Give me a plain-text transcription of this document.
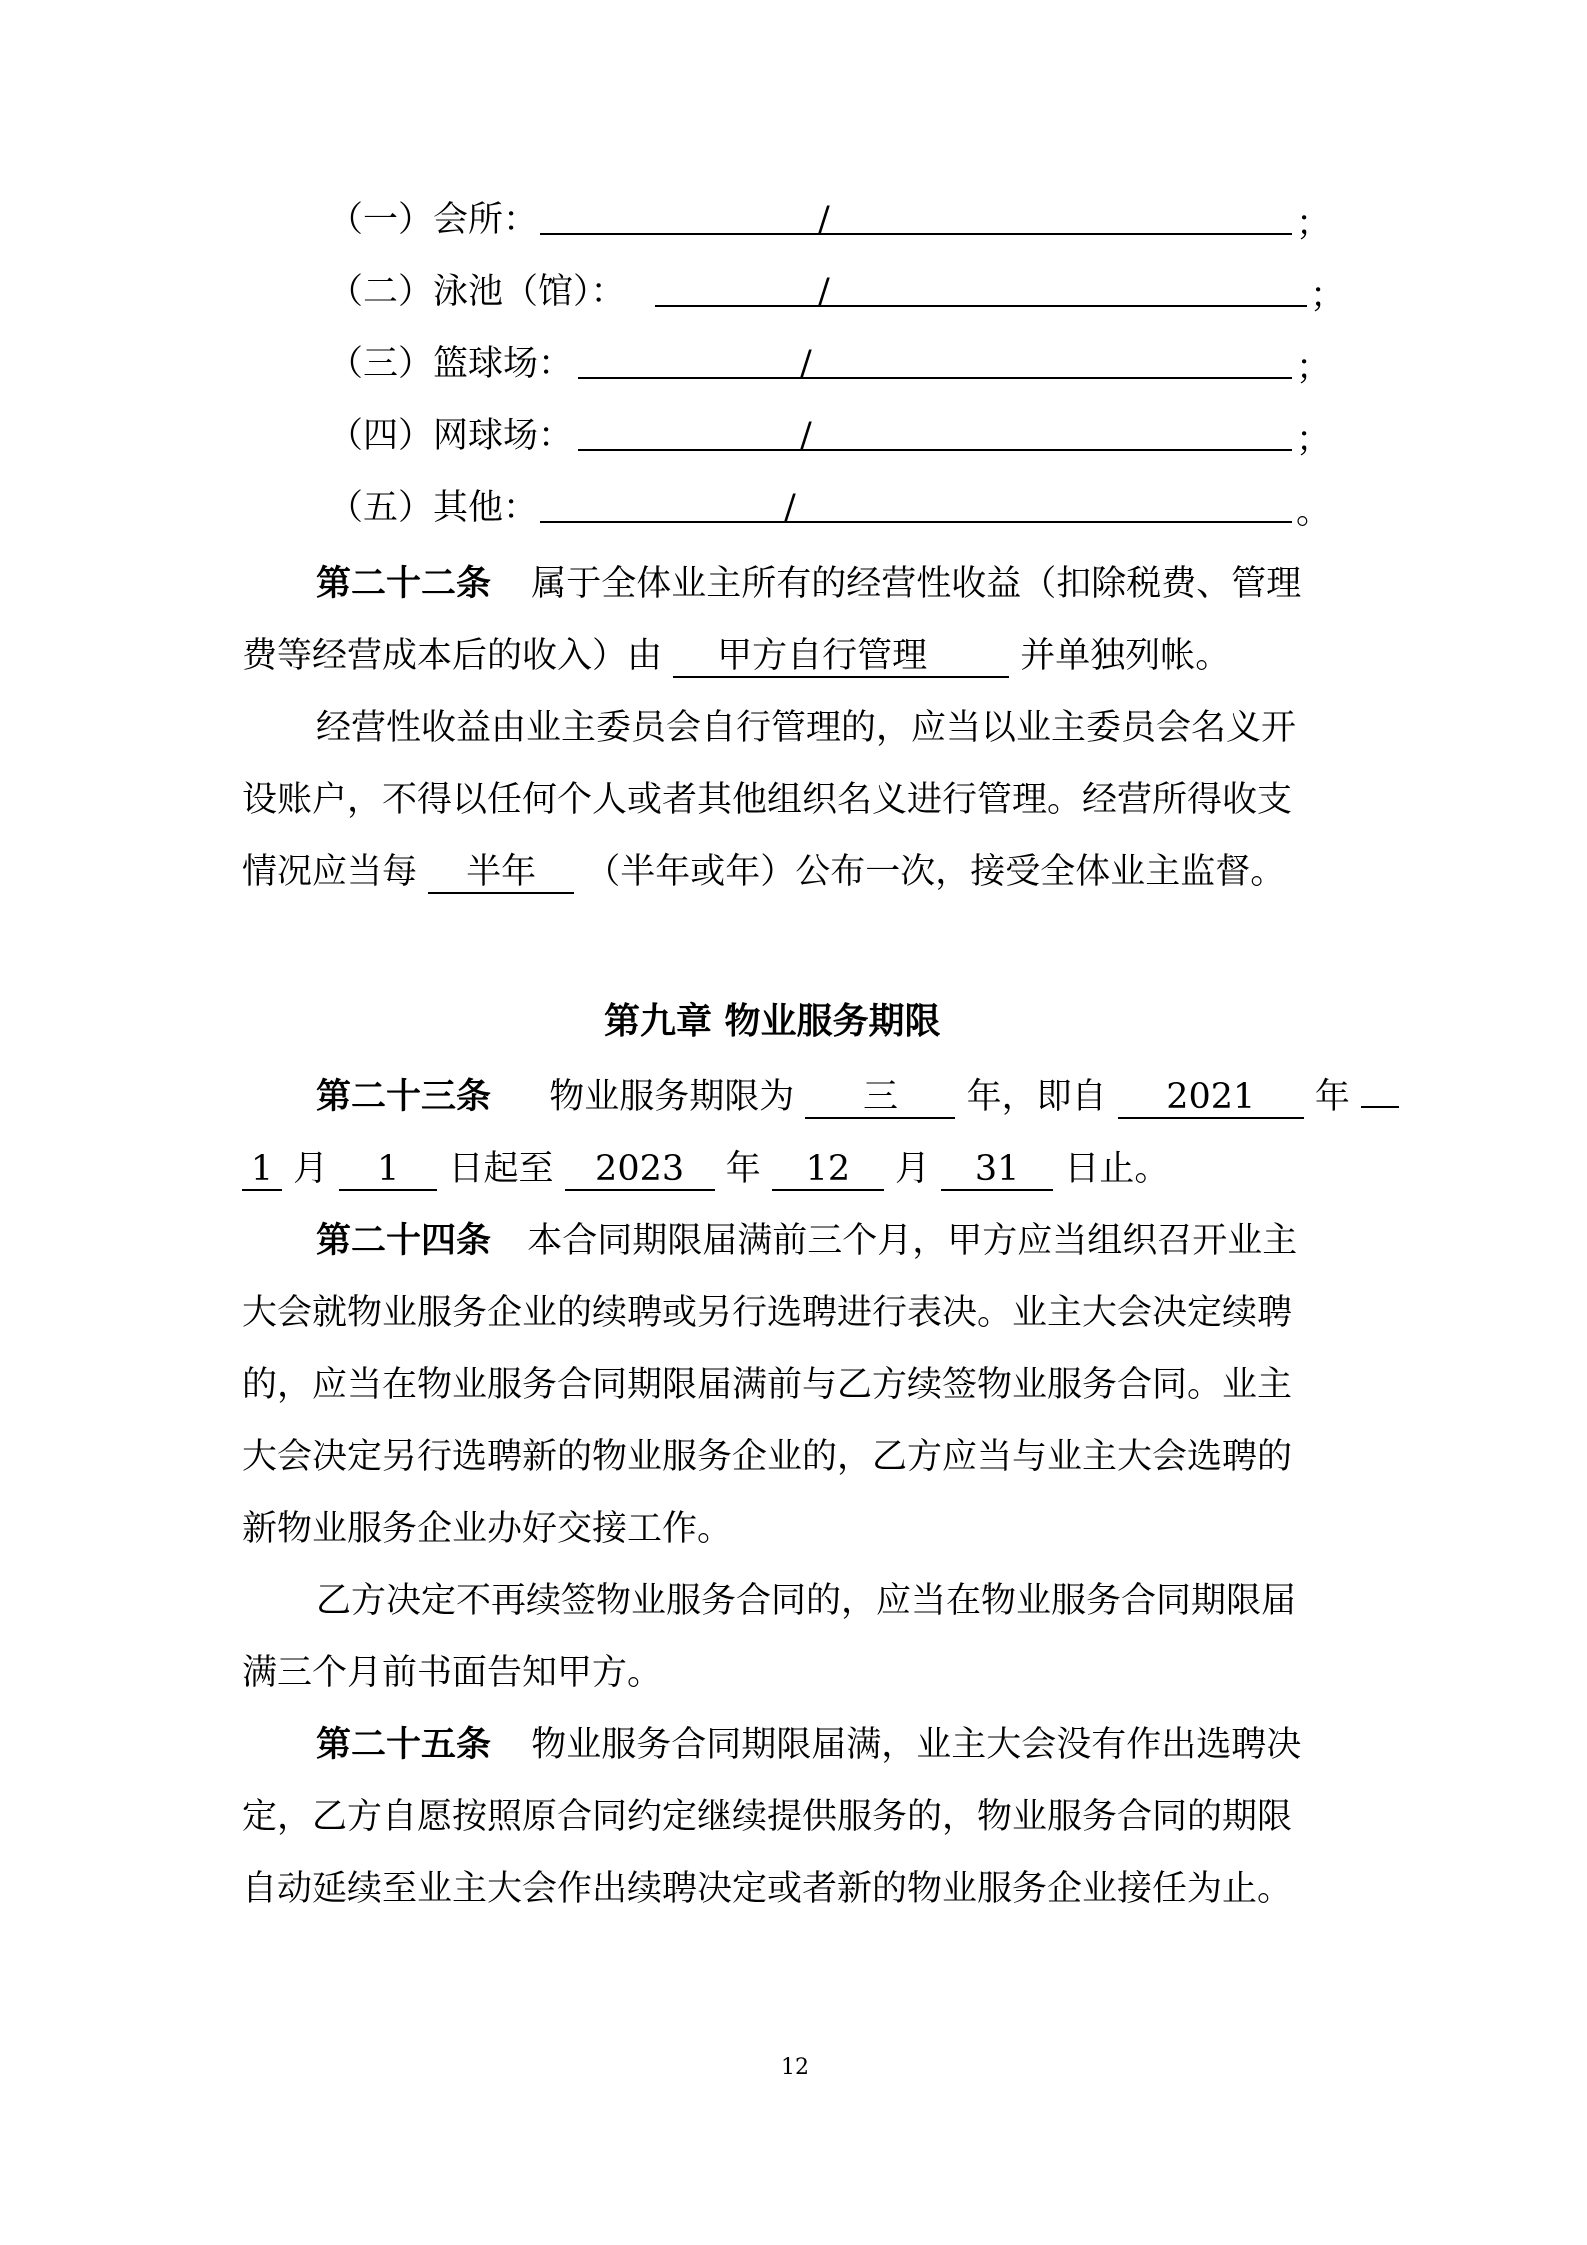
（一）会所：	/	；
（二）泳池（馆）：	/	；
（三）篮球场：	/	；
（四）网球场：	/	；
（五）其他：	/	。
第二十二条 属于全体业主所有的经营性收益（扣除税费、管理
费等经营成本后的收入）由 甲方自行管理	并单独列帐。
经营性收益由业主委员会自行管理的，应当以业主委员会名义开
设账户，不得以任何个人或者其他组织名义进行管理。经营所得收支
情况应当每 半年 （半年或年）公布一次，接受全体业主监督。
第九章 物业服务期限
第二十三条 物业服务期限为 三 年，即自 2021 年
1 月 1 日起至 2023 年 12 月 31 日止。
第二十四条 本合同期限届满前三个月，甲方应当组织召开业主
大会就物业服务企业的续聘或另行选聘进行表决。业主大会决定续聘
的，应当在物业服务合同期限届满前与乙方续签物业服务合同。业主
大会决定另行选聘新的物业服务企业的，乙方应当与业主大会选聘的
新物业服务企业办好交接工作。
乙方决定不再续签物业服务合同的，应当在物业服务合同期限届
满三个月前书面告知甲方。
第二十五条 物业服务合同期限届满，业主大会没有作出选聘决
定，乙方自愿按照原合同约定继续提供服务的，物业服务合同的期限
自动延续至业主大会作出续聘决定或者新的物业服务企业接任为止。
12
